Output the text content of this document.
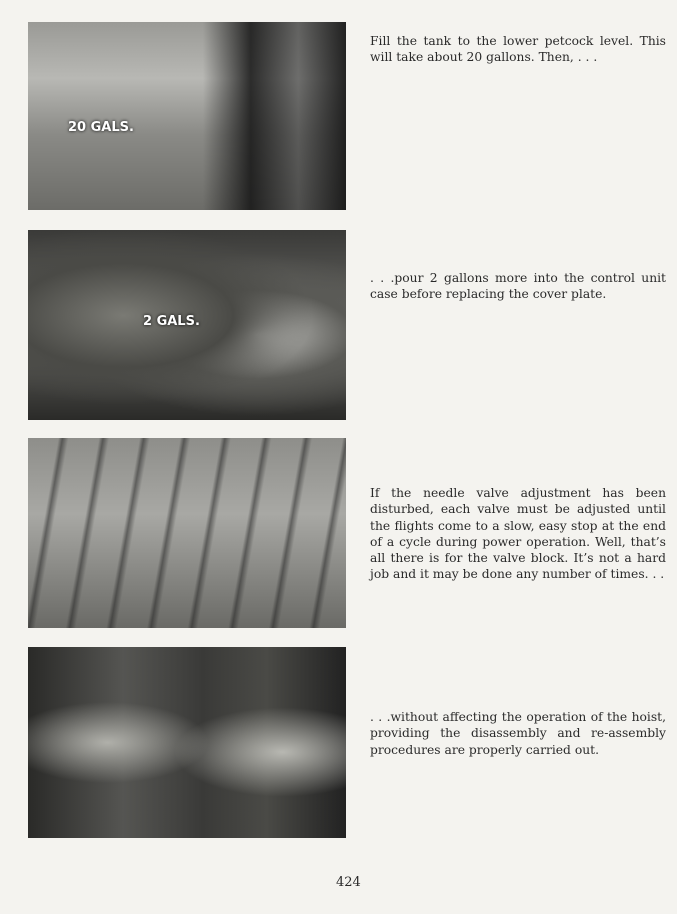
20 GALS.
2 GALS.

Fill the tank to the lower petcock level. This will take about 20 gallons. Then, . . .

. . .pour 2 gallons more into the control unit case before replacing the cover plate.

If the needle valve adjustment has been disturbed, each valve must be adjusted until the flights come to a slow, easy stop at the end of a cycle during power operation. Well, that’s all there is for the valve block. It’s not a hard job and it may be done any number of times. . .

. . .without affecting the operation of the hoist, providing the disassembly and re-assembly procedures are properly carried out.

424
